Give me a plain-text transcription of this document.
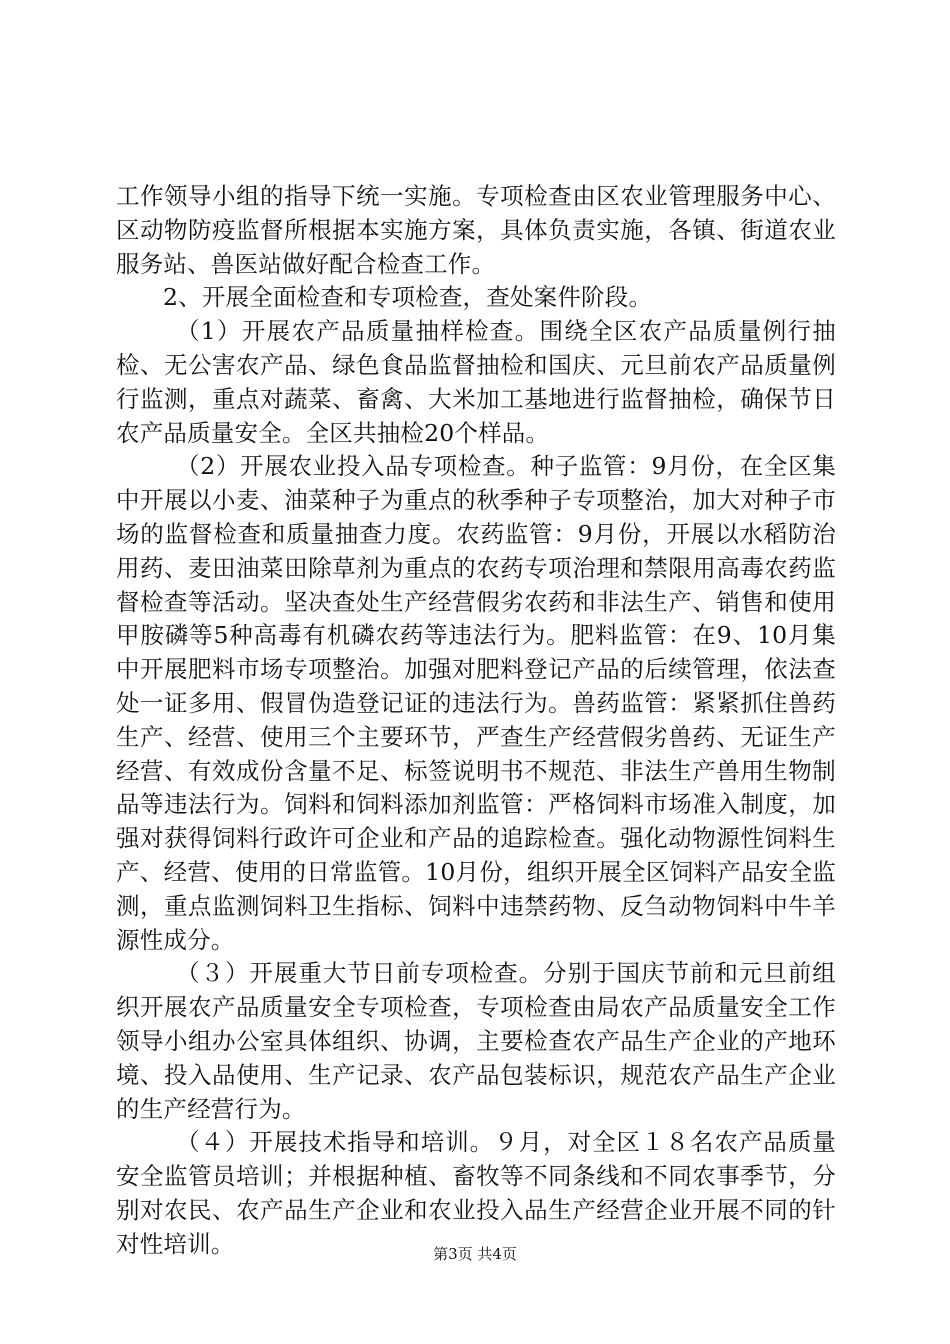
工作领导小组的指导下统一实施。专项检查由区农业管理服务中心、区动物防疫监督所根据本实施方案，具体负责实施，各镇、街道农业服务站、兽医站做好配合检查工作。

2、开展全面检查和专项检查，查处案件阶段。

（1）开展农产品质量抽样检查。围绕全区农产品质量例行抽检、无公害农产品、绿色食品监督抽检和国庆、元旦前农产品质量例行监测，重点对蔬菜、畜禽、大米加工基地进行监督抽检，确保节日农产品质量安全。全区共抽检20个样品。

（2）开展农业投入品专项检查。种子监管：9月份，在全区集中开展以小麦、油菜种子为重点的秋季种子专项整治，加大对种子市场的监督检查和质量抽查力度。农药监管：9月份，开展以水稻防治用药、麦田油菜田除草剂为重点的农药专项治理和禁限用高毒农药监督检查等活动。坚决查处生产经营假劣农药和非法生产、销售和使用甲胺磷等5种高毒有机磷农药等违法行为。肥料监管：在9、10月集中开展肥料市场专项整治。加强对肥料登记产品的后续管理，依法查处一证多用、假冒伪造登记证的违法行为。兽药监管：紧紧抓住兽药生产、经营、使用三个主要环节，严查生产经营假劣兽药、无证生产经营、有效成份含量不足、标签说明书不规范、非法生产兽用生物制品等违法行为。饲料和饲料添加剂监管：严格饲料市场准入制度，加强对获得饲料行政许可企业和产品的追踪检查。强化动物源性饲料生产、经营、使用的日常监管。10月份，组织开展全区饲料产品安全监测，重点监测饲料卫生指标、饲料中违禁药物、反刍动物饲料中牛羊源性成分。

（３）开展重大节日前专项检查。分别于国庆节前和元旦前组织开展农产品质量安全专项检查，专项检查由局农产品质量安全工作领导小组办公室具体组织、协调，主要检查农产品生产企业的产地环境、投入品使用、生产记录、农产品包装标识，规范农产品生产企业的生产经营行为。

（４）开展技术指导和培训。９月，对全区１８名农产品质量安全监管员培训；并根据种植、畜牧等不同条线和不同农事季节，分别对农民、农产品生产企业和农业投入品生产经营企业开展不同的针对性培训。	第3页 共4页
